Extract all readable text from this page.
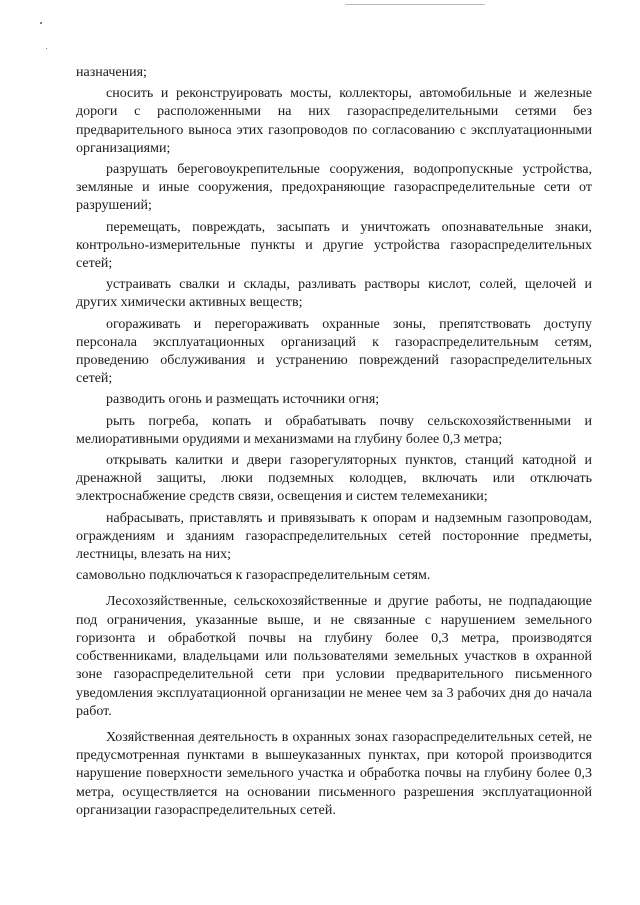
назначения;

сносить и реконструировать мосты, коллекторы, автомобильные и железные дороги с расположенными на них газораспределительными сетями без предварительного выноса этих газопроводов по согласованию с эксплуатационными организациями;

разрушать береговоукрепительные сооружения, водопропускные устройства, земляные и иные сооружения, предохраняющие газораспределительные сети от разрушений;

перемещать, повреждать, засыпать и уничтожать опознавательные знаки, контрольно-измерительные пункты и другие устройства газораспределительных сетей;

устраивать свалки и склады, разливать растворы кислот, солей, щелочей и других химически активных веществ;

огораживать и перегораживать охранные зоны, препятствовать доступу персонала эксплуатационных организаций к газораспределительным сетям, проведению обслуживания и устранению повреждений газораспределительных сетей;

разводить огонь и размещать источники огня;

рыть погреба, копать и обрабатывать почву сельскохозяйственными и мелиоративными орудиями и механизмами на глубину более 0,3 метра;

открывать калитки и двери газорегуляторных пунктов, станций катодной и дренажной защиты, люки подземных колодцев, включать или отключать электроснабжение средств связи, освещения и систем телемеханики;

набрасывать, приставлять и привязывать к опорам и надземным газопроводам, ограждениям и зданиям газораспределительных сетей посторонние предметы, лестницы, влезать на них;

самовольно подключаться к газораспределительным сетям.

Лесохозяйственные, сельскохозяйственные и другие работы, не подпадающие под ограничения, указанные выше, и не связанные с нарушением земельного горизонта и обработкой почвы на глубину более 0,3 метра, производятся собственниками, владельцами или пользователями земельных участков в охранной зоне газораспределительной сети при условии предварительного письменного уведомления эксплуатационной организации не менее чем за 3 рабочих дня до начала работ.

Хозяйственная деятельность в охранных зонах газораспределительных сетей, не предусмотренная пунктами в вышеуказанных пунктах, при которой производится нарушение поверхности земельного участка и обработка почвы на глубину более 0,3 метра, осуществляется на основании письменного разрешения эксплуатационной организации газораспределительных сетей.
